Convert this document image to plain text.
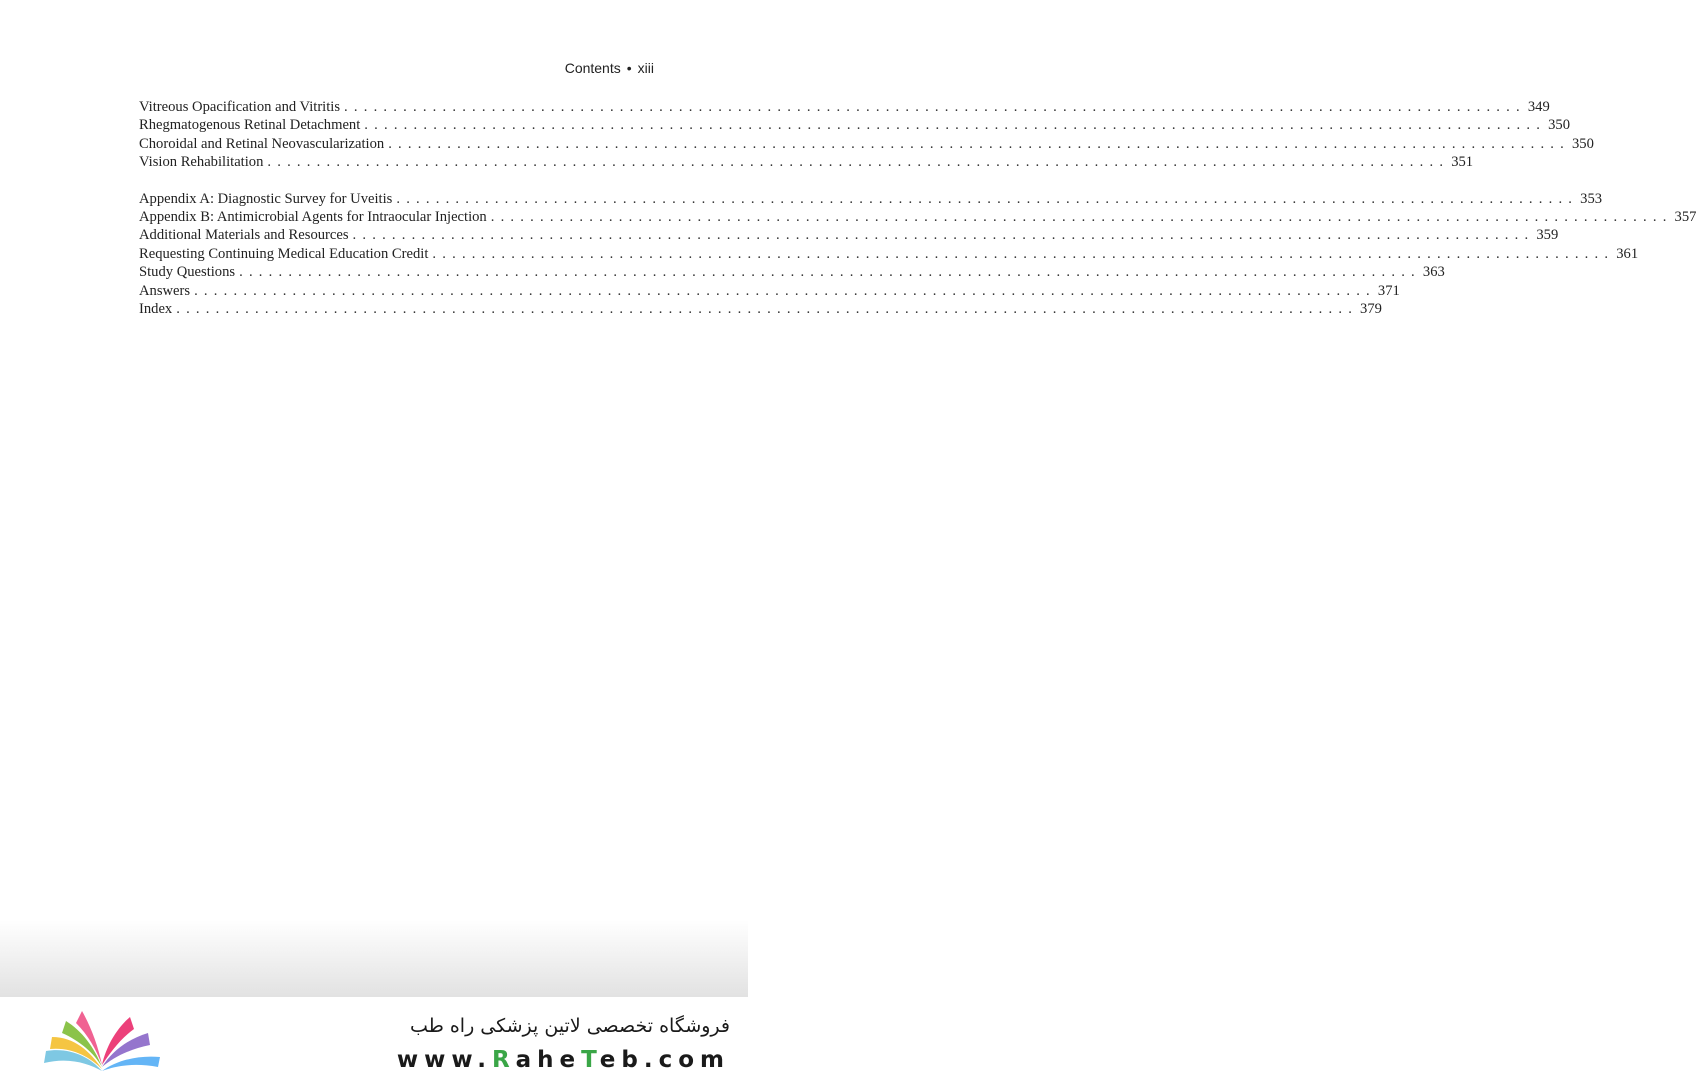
Contents • xiii
Vitreous Opacification and Vitritis ........................................................................................................................ 349
Rhegmatogenous Retinal Detachment ........................................................................................................................ 350
Choroidal and Retinal Neovascularization ........................................................................................................................ 350
Vision Rehabilitation ........................................................................................................................ 351
Appendix A: Diagnostic Survey for Uveitis ........................................................................................................................ 353
Appendix B: Antimicrobial Agents for Intraocular Injection ........................................................................................................................ 357
Additional Materials and Resources ........................................................................................................................ 359
Requesting Continuing Medical Education Credit ........................................................................................................................ 361
Study Questions ........................................................................................................................ 363
Answers ........................................................................................................................ 371
Index ........................................................................................................................ 379
فروشگاه تخصصی لاتین پزشکی راه طب
www.RaheTeb.com
